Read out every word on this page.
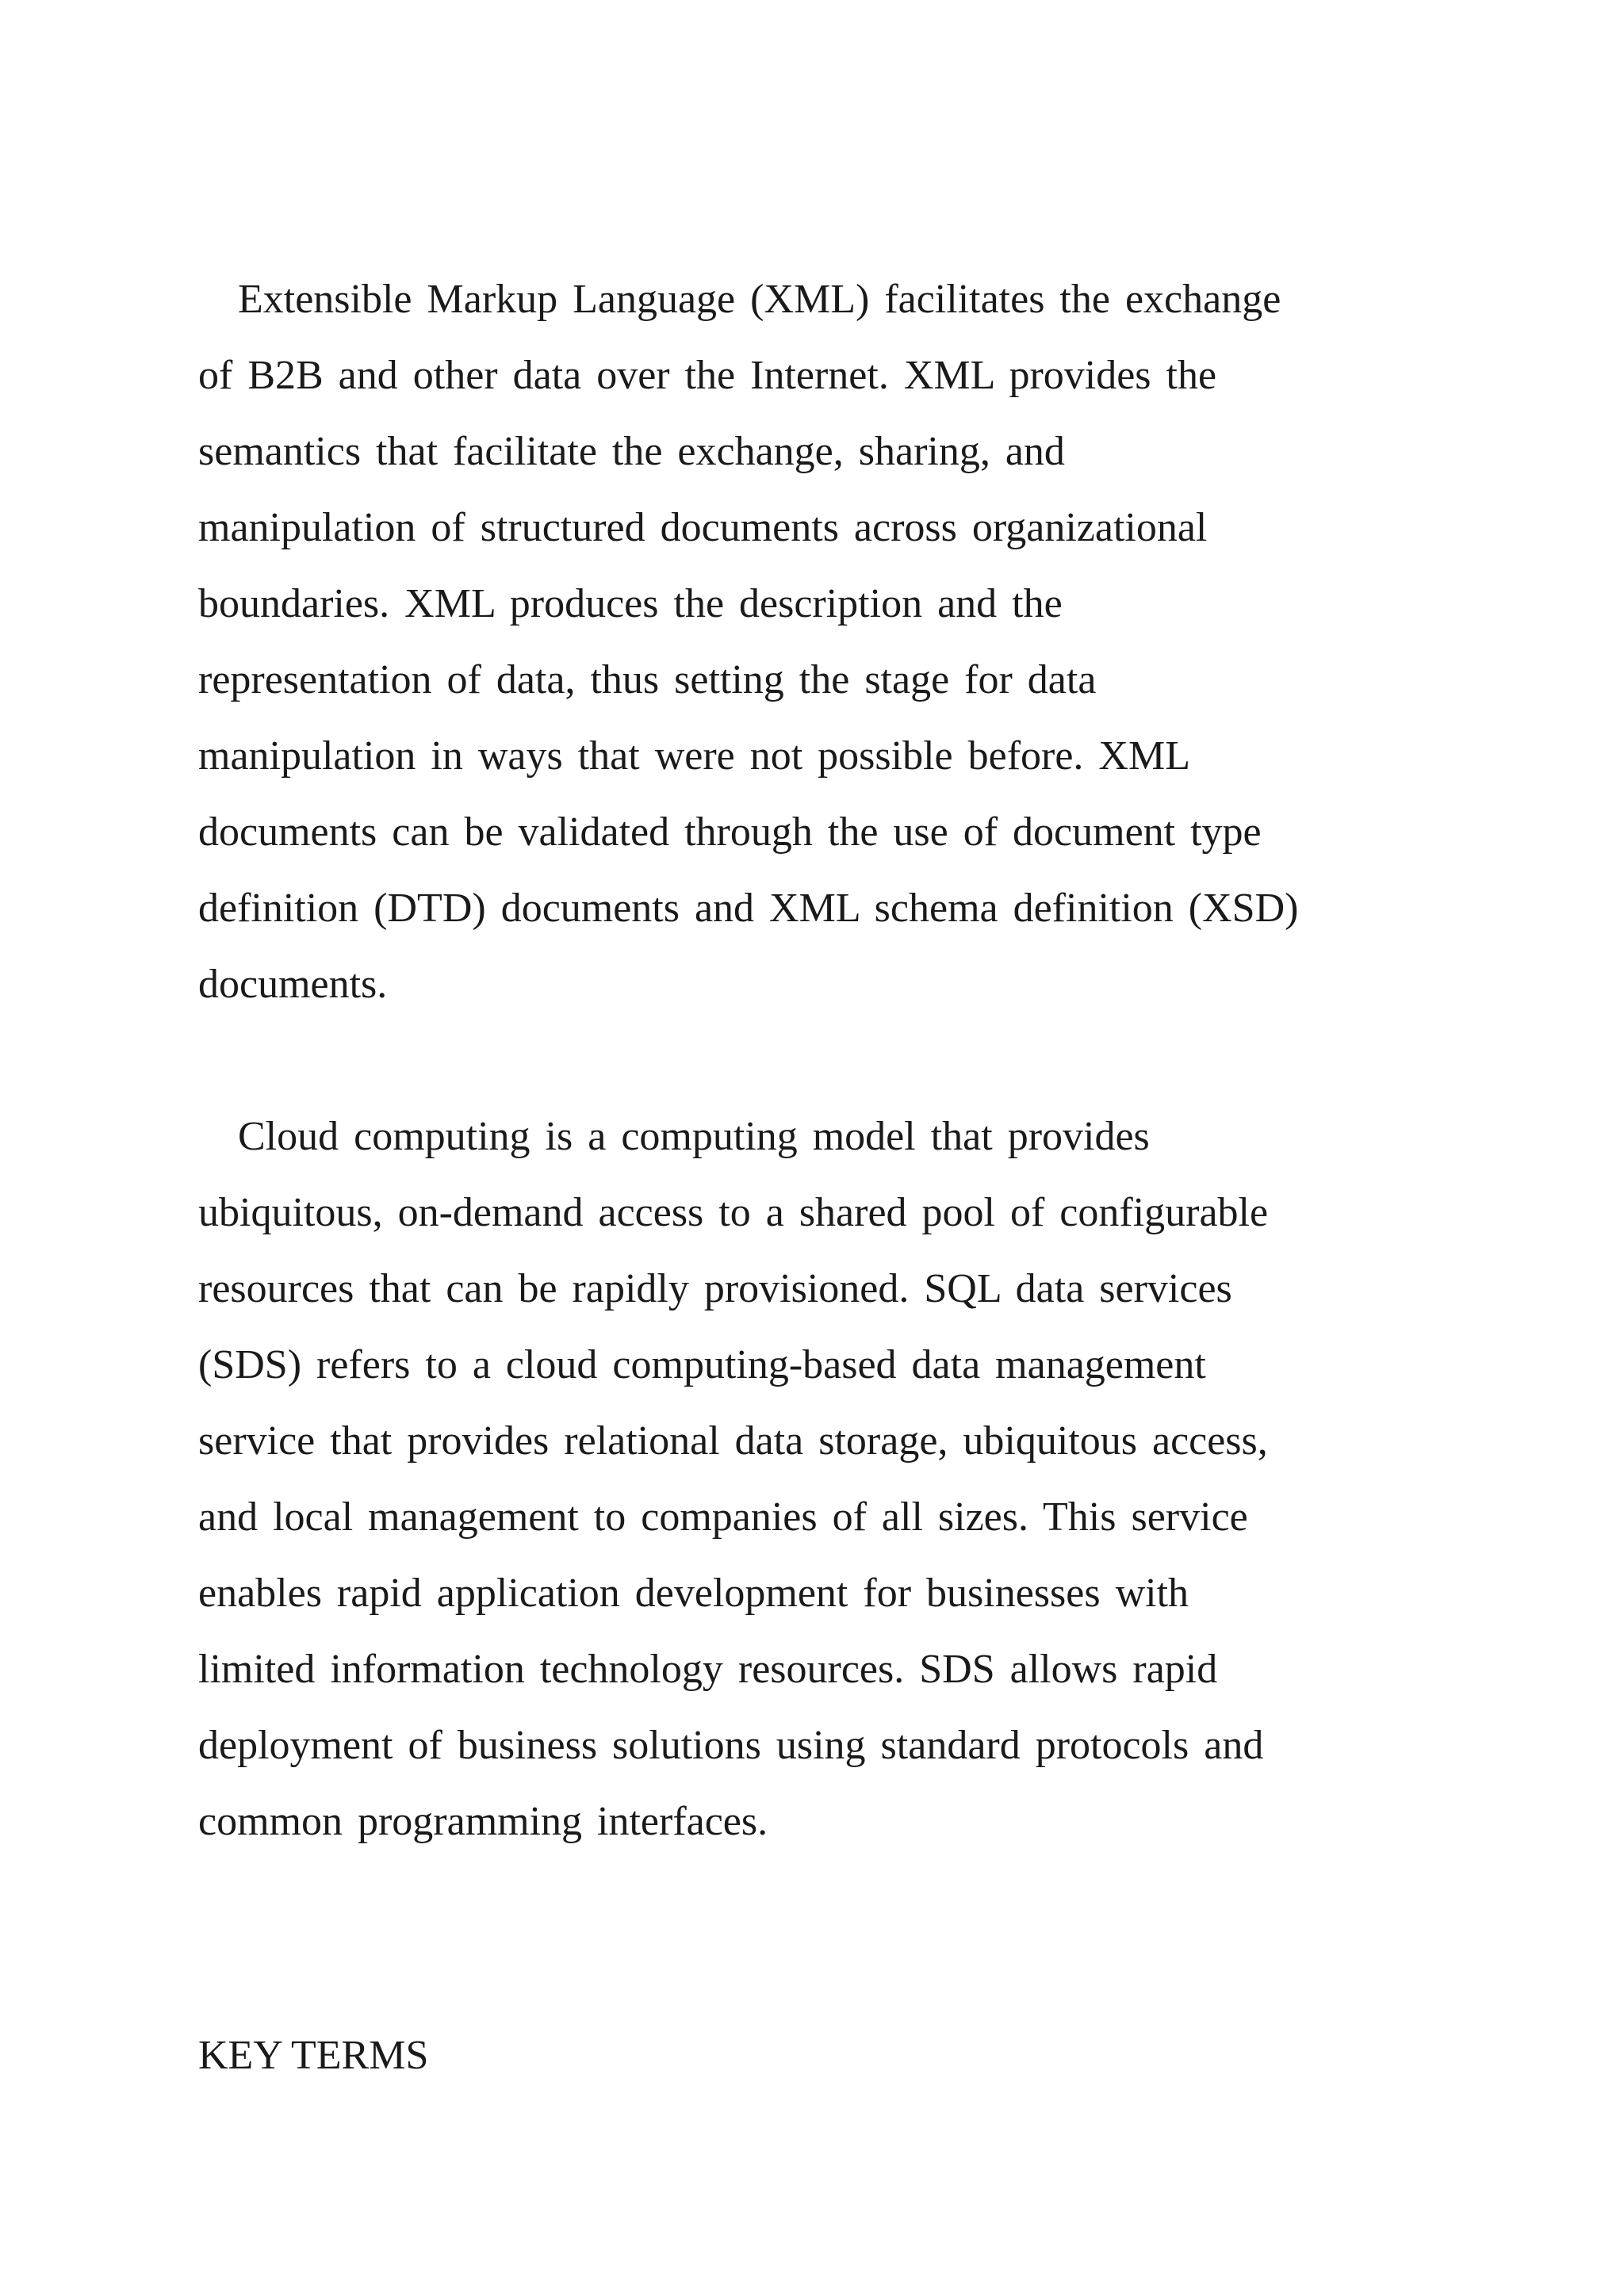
Extensible Markup Language (XML) facilitates the exchange
of B2B and other data over the Internet. XML provides the
semantics that facilitate the exchange, sharing, and
manipulation of structured documents across organizational
boundaries. XML produces the description and the
representation of data, thus setting the stage for data
manipulation in ways that were not possible before. XML
documents can be validated through the use of document type
definition (DTD) documents and XML schema definition (XSD)
documents.
Cloud computing is a computing model that provides
ubiquitous, on-demand access to a shared pool of configurable
resources that can be rapidly provisioned. SQL data services
(SDS) refers to a cloud computing-based data management
service that provides relational data storage, ubiquitous access,
and local management to companies of all sizes. This service
enables rapid application development for businesses with
limited information technology resources. SDS allows rapid
deployment of business solutions using standard protocols and
common programming interfaces.
KEY TERMS
